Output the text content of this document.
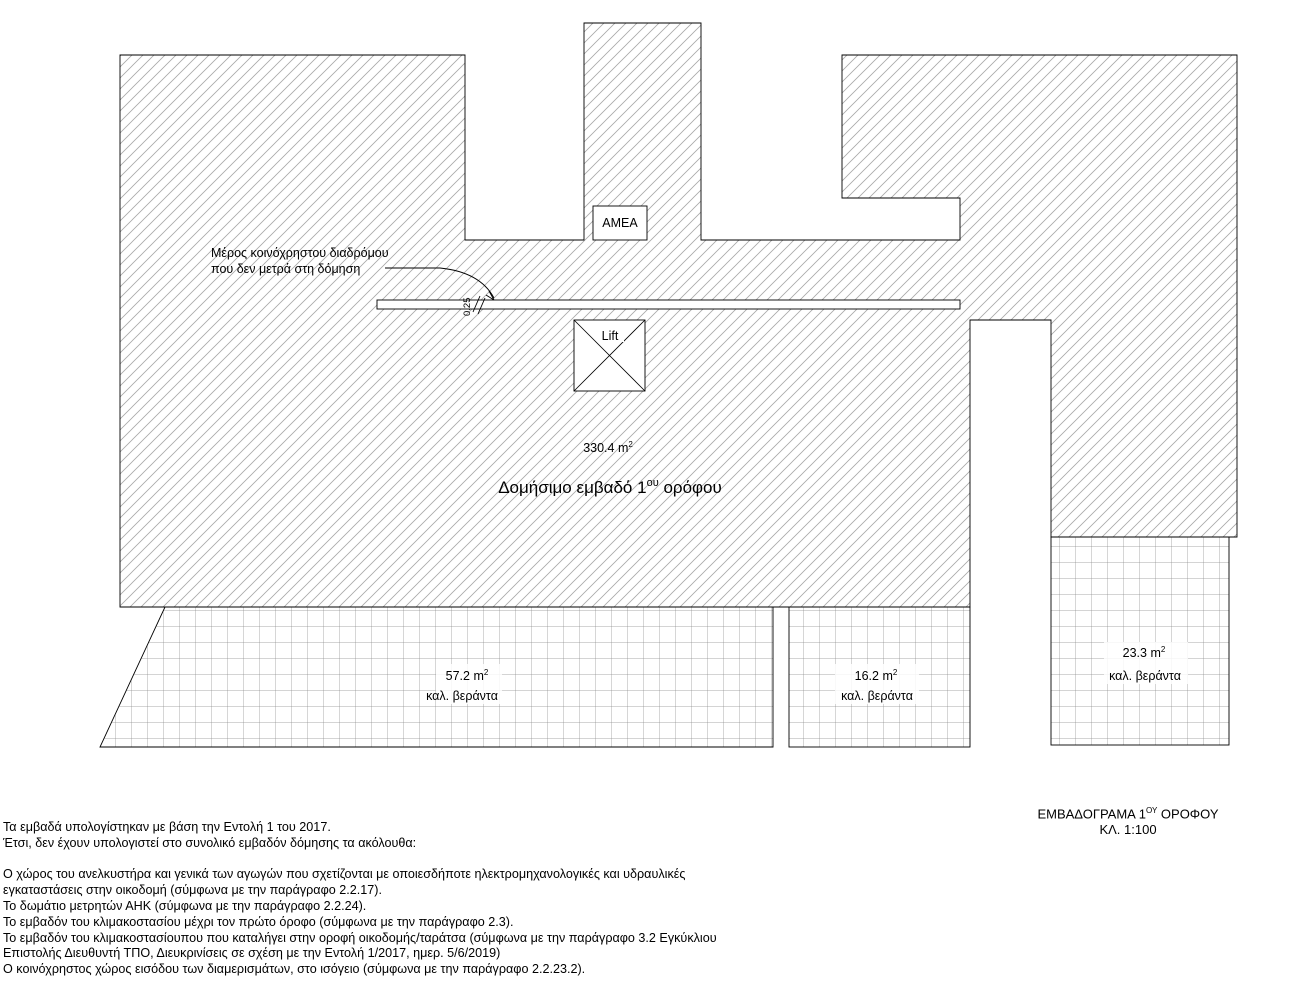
ΑΜΕΑ
Lift
Μέρος κοινόχρηστου διαδρόμου
που δεν μετρά στη δόμηση
0.25
330.4 $m^2$
Δομήσιμο εμβαδό $1^{o\upsilon}$ ορόφου
57.2 $m^2$
καλ. βεράντα
16.2 $m^2$
καλ. βεράντα
23.3 $m^2$
καλ. βεράντα
ΕΜΒΑΔΟΓΡΑΜΑ $1^{O\Upsilon}$ ΟΡΟΦΟΥ
ΚΛ. 1:100

Τα εμβαδά υπολογίστηκαν με βάση την Εντολή 1 του 2017.

Έτσι, δεν έχουν υπολογιστεί στο συνολικό εμβαδόν δόμησης τα ακόλουθα:

Ο χώρος του ανελκυστήρα και γενικά των αγωγών που σχετίζονται με οποιεσδήποτε ηλεκτρομηχανολογικές και υδραυλικές

εγκαταστάσεις στην οικοδομή (σύμφωνα με την παράγραφο 2.2.17).

Το δωμάτιο μετρητών ΑΗΚ (σύμφωνα με την παράγραφο 2.2.24).

Το εμβαδόν του κλιμακοστασίου μέχρι τον πρώτο όροφο (σύμφωνα με την παράγραφο 2.3).

Το εμβαδόν του κλιμακοστασίουπου που καταλήγει στην οροφή οικοδομής/ταράτσα (σύμφωνα με την παράγραφο 3.2 Εγκύκλιου

Επιστολής Διευθυντή ΤΠΟ, Διευκρινίσεις σε σχέση με την Εντολή 1/2017, ημερ. 5/6/2019)

Ο κοινόχρηστος χώρος εισόδου των διαμερισμάτων, στο ισόγειο (σύμφωνα με την παράγραφο 2.2.23.2).
